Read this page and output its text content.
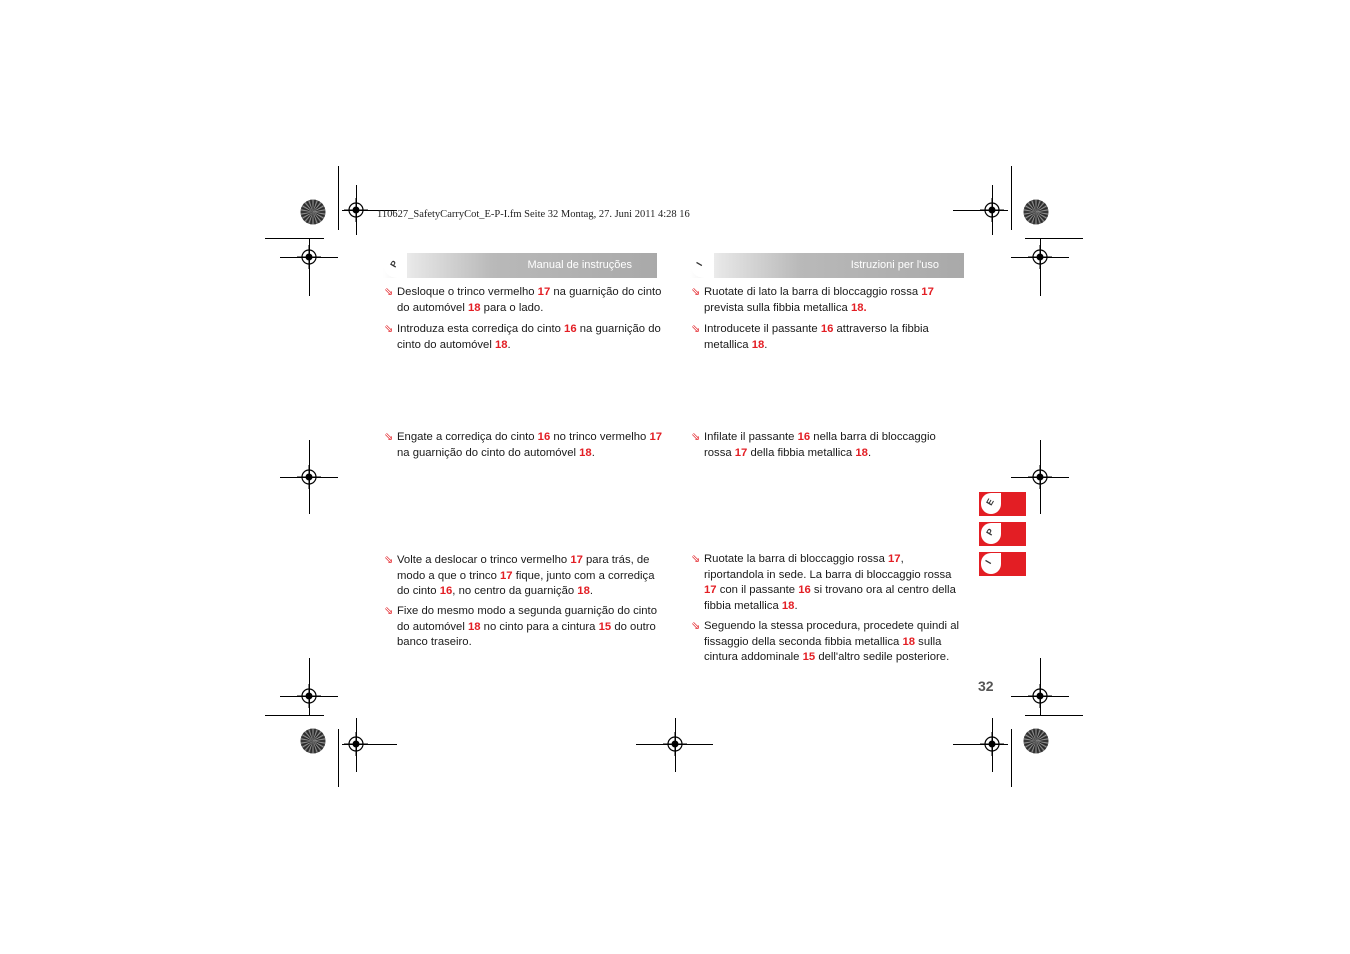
110627_SafetyCarryCot_E-P-I.fm Seite 32 Montag, 27. Juni 2011 4:28 16
P	Manual de instruções	I	Istruzioni per l'uso
⇘ Desloque o trinco vermelho 17 na guarnição do cinto do automóvel 18 para o lado.
⇘ Introduza esta corrediça do cinto 16 na guarnição do cinto do automóvel 18.
⇘ Engate a corrediça do cinto 16 no trinco vermelho 17 na guarnição do cinto do automóvel 18.
⇘ Volte a deslocar o trinco vermelho 17 para trás, de modo a que o trinco 17 fique, junto com a corrediça do cinto 16, no centro da guarnição 18.
⇘ Fixe do mesmo modo a segunda guarnição do cinto do automóvel 18 no cinto para a cintura 15 do outro banco traseiro.
⇘ Ruotate di lato la barra di bloccaggio rossa 17 prevista sulla fibbia metallica 18.
⇘ Introducete il passante 16 attraverso la fibbia metallica 18.
⇘ Infilate il passante 16 nella barra di bloccaggio rossa 17 della fibbia metallica 18.
⇘ Ruotate la barra di bloccaggio rossa 17, riportandola in sede. La barra di bloccaggio rossa 17 con il passante 16 si trovano ora al centro della fibbia metallica 18.
⇘ Seguendo la stessa procedura, procedete quindi al fissaggio della seconda fibbia metallica 18 sulla cintura addominale 15 dell'altro sedile posteriore.
E
P
I
32
